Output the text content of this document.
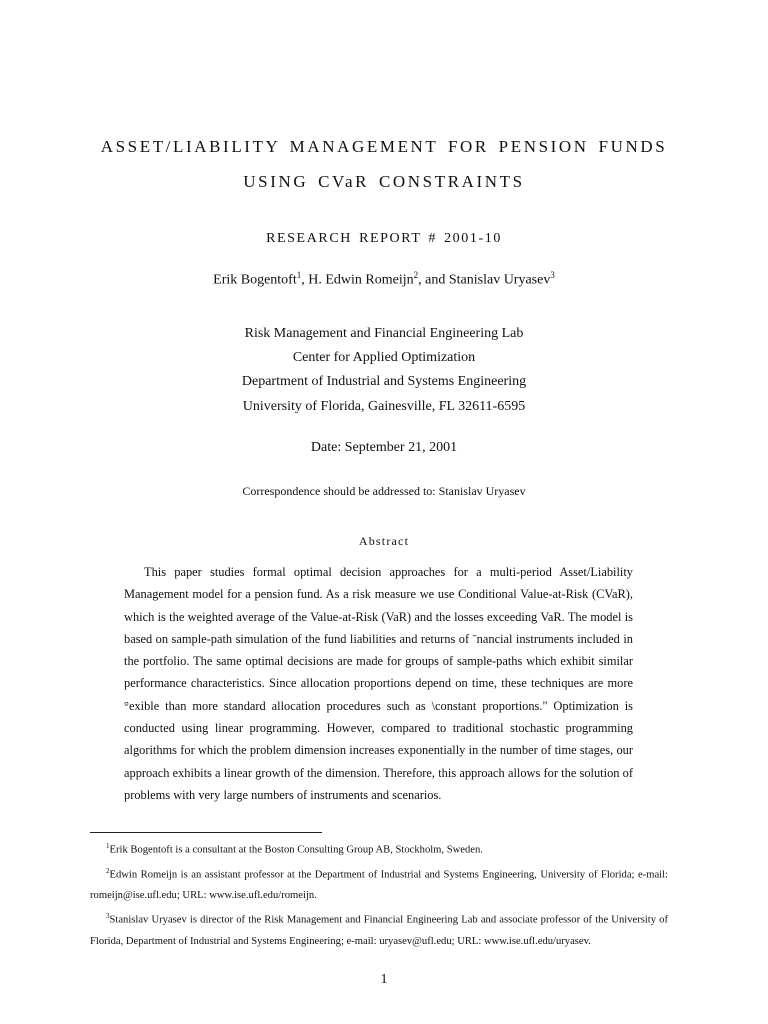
ASSET/LIABILITY MANAGEMENT FOR PENSION FUNDS
USING CVaR CONSTRAINTS
RESEARCH REPORT # 2001-10
Erik Bogentoft$^1$, H. Edwin Romeijn$^2$, and Stanislav Uryasev$^3$
Risk Management and Financial Engineering Lab
Center for Applied Optimization
Department of Industrial and Systems Engineering
University of Florida, Gainesville, FL 32611-6595
Date: September 21, 2001
Correspondence should be addressed to: Stanislav Uryasev
Abstract

This paper studies formal optimal decision approaches for a multi-period Asset/Liability Management model for a pension fund. As a risk measure we use Conditional Value-at-Risk (CVaR), which is the weighted average of the Value-at-Risk (VaR) and the losses exceeding VaR. The model is based on sample-path simulation of the fund liabilities and returns of ˉnancial instruments included in the portfolio. The same optimal decisions are made for groups of sample-paths which exhibit similar performance characteristics. Since allocation proportions depend on time, these techniques are more °exible than more standard allocation procedures such as \constant proportions." Optimization is conducted using linear programming. However, compared to traditional stochastic programming algorithms for which the problem dimension increases exponentially in the number of time stages, our approach exhibits a linear growth of the dimension. Therefore, this approach allows for the solution of problems with very large numbers of instruments and scenarios.

$^1$Erik Bogentoft is a consultant at the Boston Consulting Group AB, Stockholm, Sweden.

$^2$Edwin Romeijn is an assistant professor at the Department of Industrial and Systems Engineering, University of Florida; e-mail: romeijn@ise.ufl.edu; URL: www.ise.ufl.edu/romeijn.

$^3$Stanislav Uryasev is director of the Risk Management and Financial Engineering Lab and associate professor of the University of Florida, Department of Industrial and Systems Engineering; e-mail: uryasev@ufl.edu; URL: www.ise.ufl.edu/uryasev.

1
